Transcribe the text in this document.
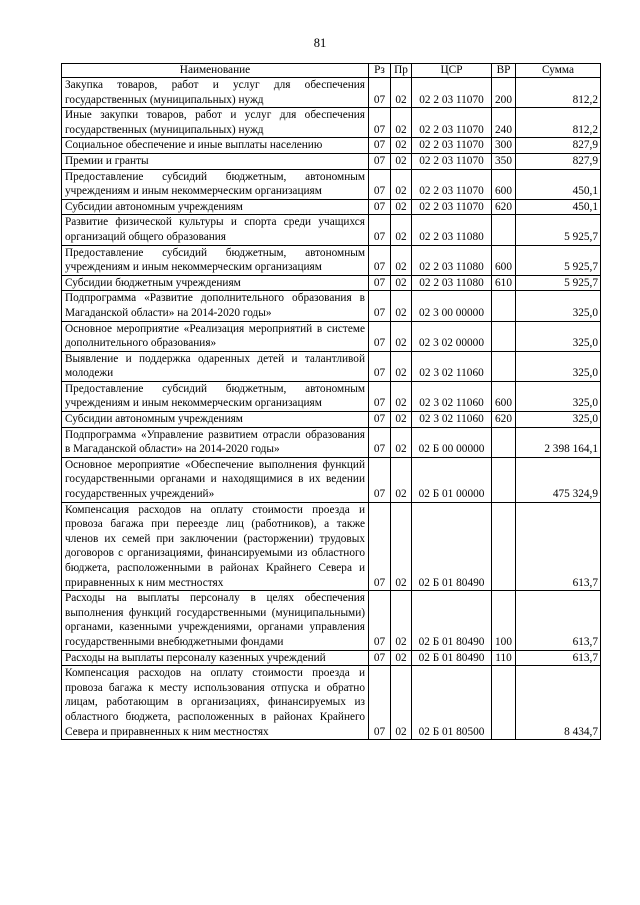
81
Наименование	Рз	Пр	ЦСР	ВР	Сумма
Закупка товаров, работ и услуг для обеспечения государственных (муниципальных) нужд	07	02	02 2 03 11070	200	812,2
Иные закупки товаров, работ и услуг для обеспечения государственных (муниципальных) нужд	07	02	02 2 03 11070	240	812,2
Социальное обеспечение и иные выплаты населению	07	02	02 2 03 11070	300	827,9
Премии и гранты	07	02	02 2 03 11070	350	827,9
Предоставление субсидий бюджетным, автономным учреждениям и иным некоммерческим организациям	07	02	02 2 03 11070	600	450,1
Субсидии автономным учреждениям	07	02	02 2 03 11070	620	450,1
Развитие физической культуры и спорта среди учащихся организаций общего образования	07	02	02 2 03 11080		5 925,7
Предоставление субсидий бюджетным, автономным учреждениям и иным некоммерческим организациям	07	02	02 2 03 11080	600	5 925,7
Субсидии бюджетным учреждениям	07	02	02 2 03 11080	610	5 925,7
Подпрограмма «Развитие дополнительного образования в Магаданской области» на 2014-2020 годы»	07	02	02 3 00 00000		325,0
Основное мероприятие «Реализация мероприятий в системе дополнительного образования»	07	02	02 3 02 00000		325,0
Выявление и поддержка одаренных детей и талантливой молодежи	07	02	02 3 02 11060		325,0
Предоставление субсидий бюджетным, автономным учреждениям и иным некоммерческим организациям	07	02	02 3 02 11060	600	325,0
Субсидии автономным учреждениям	07	02	02 3 02 11060	620	325,0
Подпрограмма «Управление развитием отрасли образования в Магаданской области» на 2014-2020 годы»	07	02	02 Б 00 00000		2 398 164,1
Основное мероприятие «Обеспечение выполнения функций государственными органами и находящимися в их ведении государственных учреждений»	07	02	02 Б 01 00000		475 324,9
Компенсация расходов на оплату стоимости проезда и провоза багажа при переезде лиц (работников), а также членов их семей при заключении (расторжении) трудовых договоров с организациями, финансируемыми из областного бюджета, расположенными в районах Крайнего Севера и приравненных к ним местностях	07	02	02 Б 01 80490		613,7
Расходы на выплаты персоналу в целях обеспечения выполнения функций государственными (муниципальными) органами, казенными учреждениями, органами управления государственными внебюджетными фондами	07	02	02 Б 01 80490	100	613,7
Расходы на выплаты персоналу казенных учреждений	07	02	02 Б 01 80490	110	613,7
Компенсация расходов на оплату стоимости проезда и провоза багажа к месту использования отпуска и обратно лицам, работающим в организациях, финансируемых из областного бюджета, расположенных в районах Крайнего Севера и приравненных к ним местностях	07	02	02 Б 01 80500		8 434,7
